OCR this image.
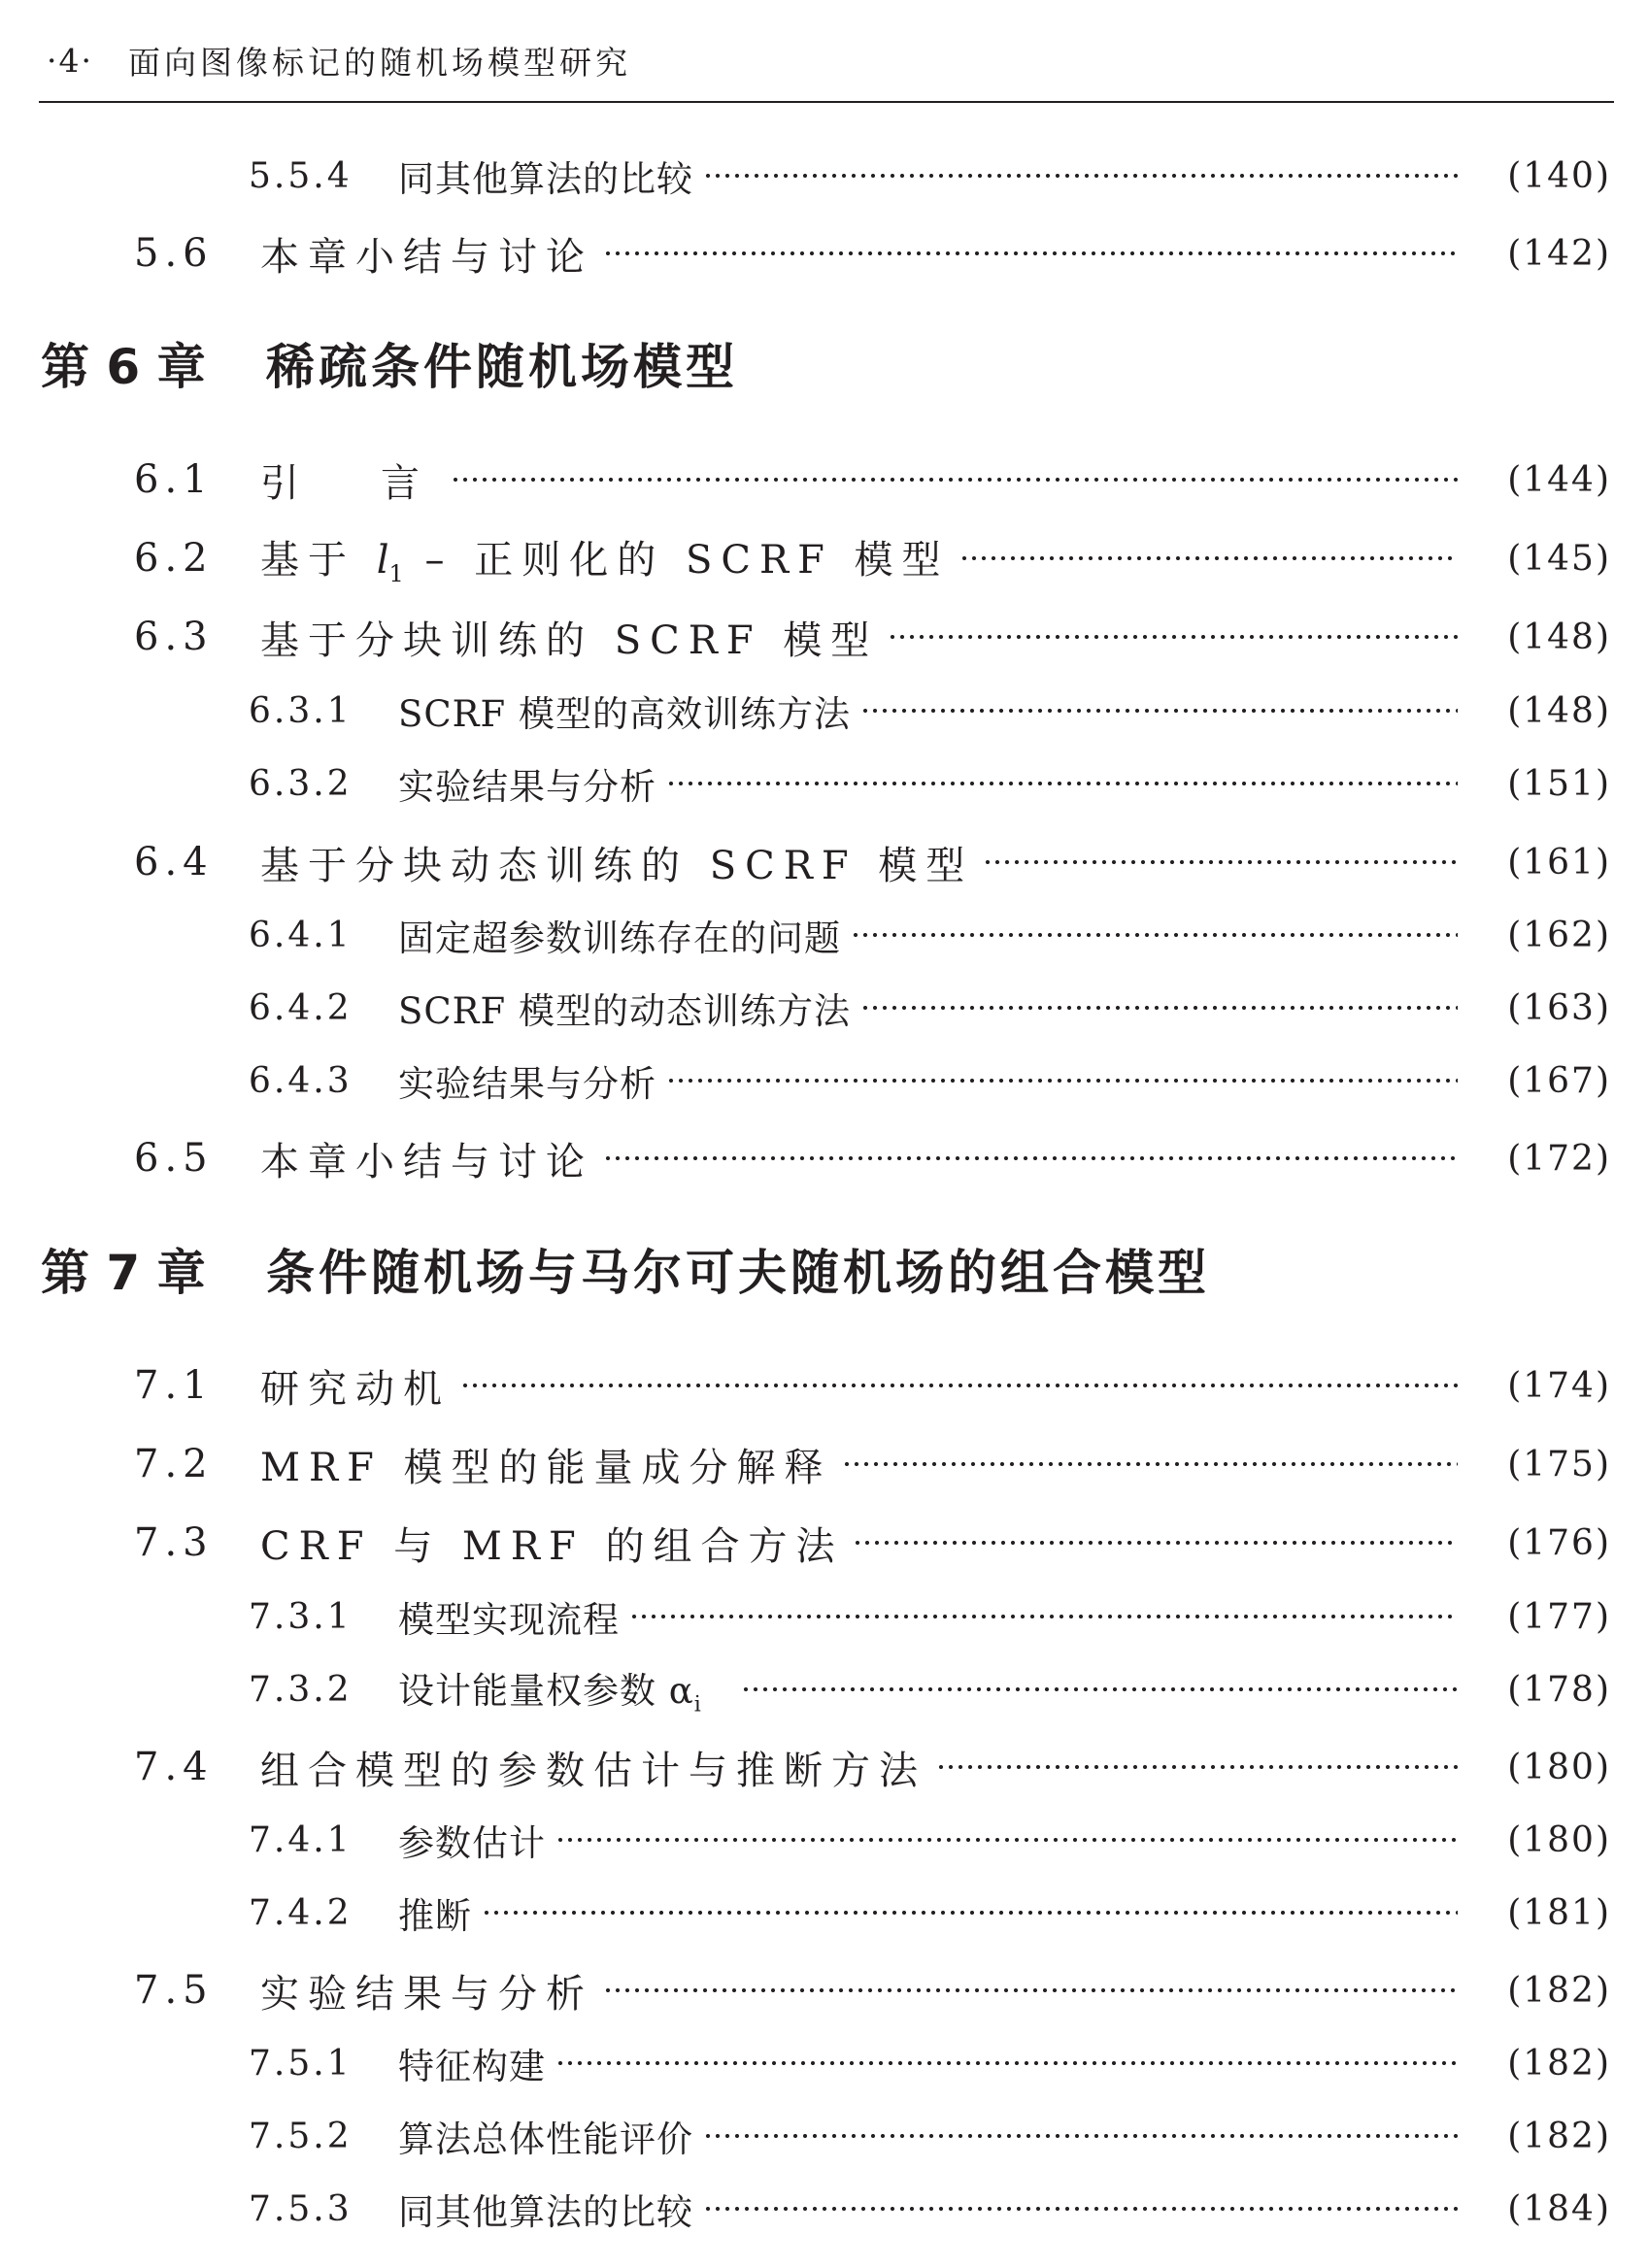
·4· 面向图像标记的随机场模型研究
5.5.4	同其他算法的比较	(140)
5.6	本章小结与讨论	(142)
第 6 章	稀疏条件随机场模型
6.1	引　言	(144)
6.2	基于 $l_1$ – 正则化的 SCRF 模型	(145)
6.3	基于分块训练的 SCRF 模型	(148)
6.3.1	SCRF 模型的高效训练方法	(148)
6.3.2	实验结果与分析	(151)
6.4	基于分块动态训练的 SCRF 模型	(161)
6.4.1	固定超参数训练存在的问题	(162)
6.4.2	SCRF 模型的动态训练方法	(163)
6.4.3	实验结果与分析	(167)
6.5	本章小结与讨论	(172)
第 7 章	条件随机场与马尔可夫随机场的组合模型
7.1	研究动机	(174)
7.2	MRF 模型的能量成分解释	(175)
7.3	CRF 与 MRF 的组合方法	(176)
7.3.1	模型实现流程	(177)
7.3.2	设计能量权参数 $\alpha_i$	(178)
7.4	组合模型的参数估计与推断方法	(180)
7.4.1	参数估计	(180)
7.4.2	推断	(181)
7.5	实验结果与分析	(182)
7.5.1	特征构建	(182)
7.5.2	算法总体性能评价	(182)
7.5.3	同其他算法的比较	(184)
